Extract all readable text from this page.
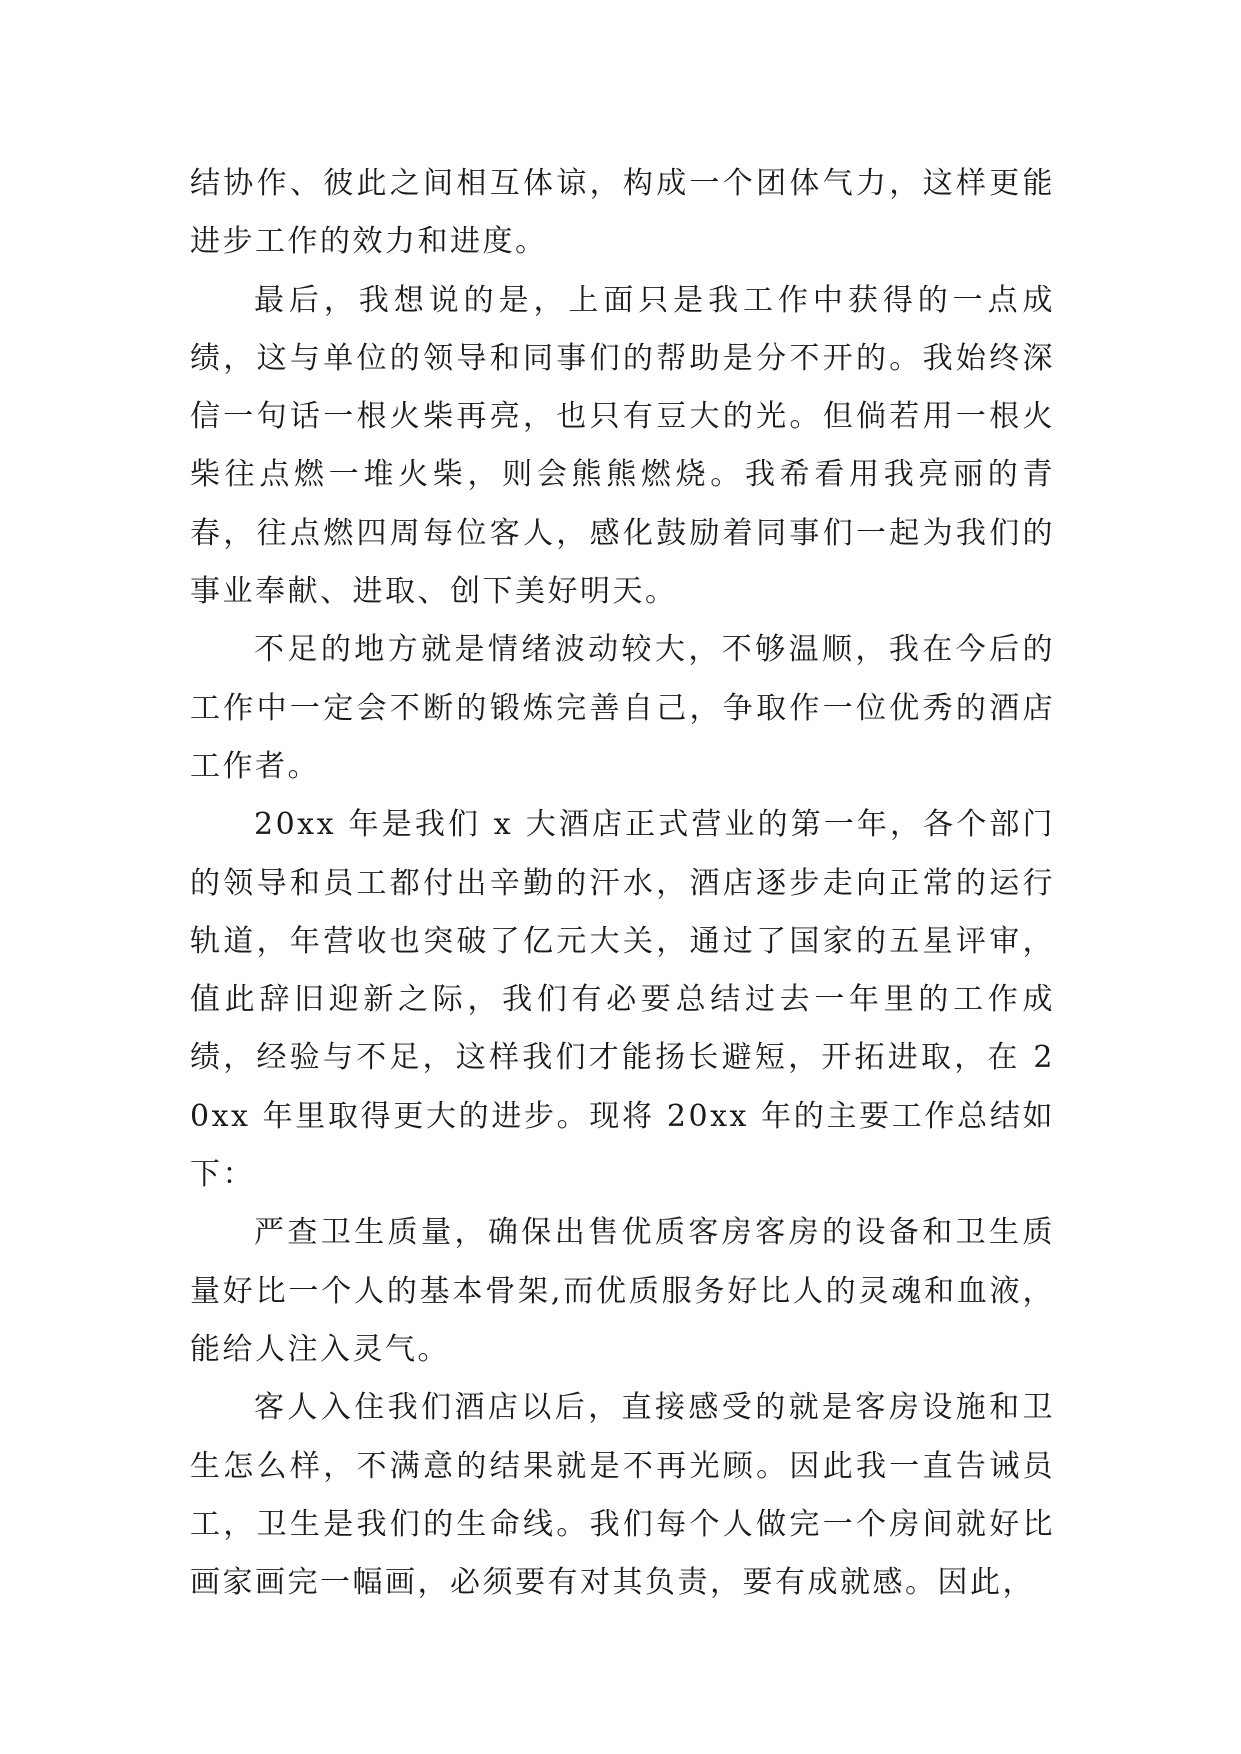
结协作、彼此之间相互体谅，构成一个团体气力，这样更能进步工作的效力和进度。

最后，我想说的是，上面只是我工作中获得的一点成绩，这与单位的领导和同事们的帮助是分不开的。我始终深信一句话一根火柴再亮，也只有豆大的光。但倘若用一根火柴往点燃一堆火柴，则会熊熊燃烧。我希看用我亮丽的青春，往点燃四周每位客人，感化鼓励着同事们一起为我们的事业奉献、进取、创下美好明天。

不足的地方就是情绪波动较大，不够温顺，我在今后的工作中一定会不断的锻炼完善自己，争取作一位优秀的酒店工作者。

20xx 年是我们 x 大酒店正式营业的第一年，各个部门的领导和员工都付出辛勤的汗水，酒店逐步走向正常的运行轨道，年营收也突破了亿元大关，通过了国家的五星评审，值此辞旧迎新之际，我们有必要总结过去一年里的工作成绩，经验与不足，这样我们才能扬长避短，开拓进取，在 20xx 年里取得更大的进步。现将 20xx 年的主要工作总结如下：

严查卫生质量，确保出售优质客房客房的设备和卫生质量好比一个人的基本骨架,而优质服务好比人的灵魂和血液，能给人注入灵气。

客人入住我们酒店以后，直接感受的就是客房设施和卫生怎么样，不满意的结果就是不再光顾。因此我一直告诫员工，卫生是我们的生命线。我们每个人做完一个房间就好比画家画完一幅画，必须要有对其负责，要有成就感。因此，
